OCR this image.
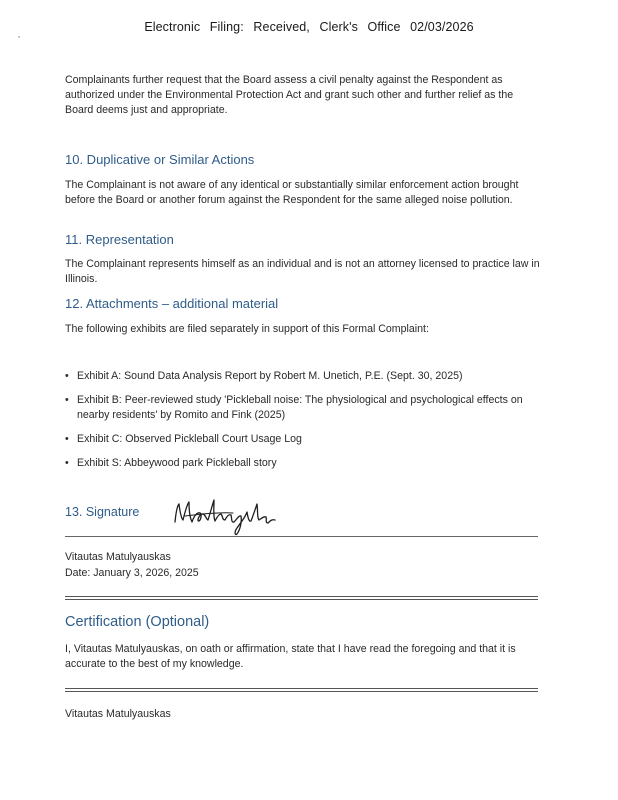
Electronic Filing: Received, Clerk's Office 02/03/2026
Complainants further request that the Board assess a civil penalty against the Respondent as authorized under the Environmental Protection Act and grant such other and further relief as the Board deems just and appropriate.
10. Duplicative or Similar Actions
The Complainant is not aware of any identical or substantially similar enforcement action brought before the Board or another forum against the Respondent for the same alleged noise pollution.
11. Representation
The Complainant represents himself as an individual and is not an attorney licensed to practice law in Illinois.
12. Attachments – additional material
The following exhibits are filed separately in support of this Formal Complaint:
• Exhibit A: Sound Data Analysis Report by Robert M. Unetich, P.E. (Sept. 30, 2025)
• Exhibit B: Peer-reviewed study 'Pickleball noise: The physiological and psychological effects on nearby residents' by Romito and Fink (2025)
• Exhibit C: Observed Pickleball Court Usage Log
• Exhibit S: Abbeywood park Pickleball story
13. Signature
Vitautas Matulyauskas
Date: January 3, 2026, 2025
Certification (Optional)
I, Vitautas Matulyauskas, on oath or affirmation, state that I have read the foregoing and that it is accurate to the best of my knowledge.
Vitautas Matulyauskas
